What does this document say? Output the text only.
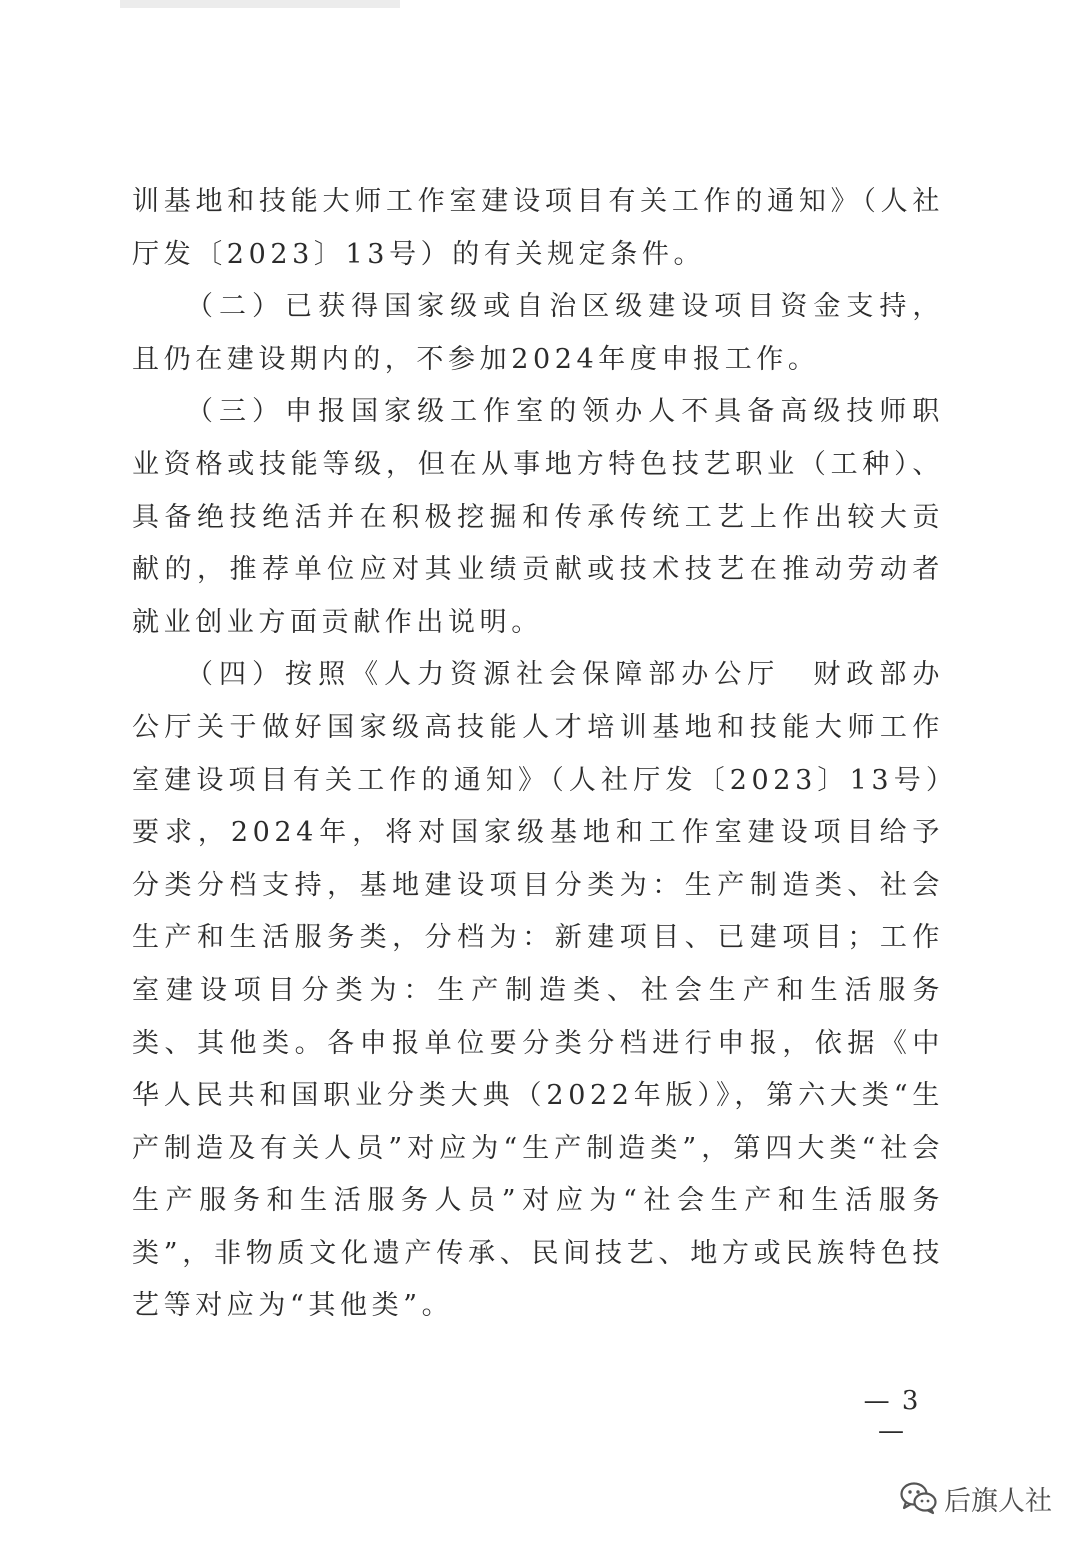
训基地和技能大师工作室建设项目有关工作的通知》（人社厅发〔2023〕13号）的有关规定条件。

（二）已获得国家级或自治区级建设项目资金支持，且仍在建设期内的，不参加2024年度申报工作。

（三）申报国家级工作室的领办人不具备高级技师职业资格或技能等级，但在从事地方特色技艺职业（工种）、具备绝技绝活并在积极挖掘和传承传统工艺上作出较大贡献的，推荐单位应对其业绩贡献或技术技艺在推动劳动者就业创业方面贡献作出说明。

（四）按照《人力资源社会保障部办公厅　财政部办公厅关于做好国家级高技能人才培训基地和技能大师工作室建设项目有关工作的通知》（人社厅发〔2023〕13号）要求，2024年，将对国家级基地和工作室建设项目给予分类分档支持，基地建设项目分类为：生产制造类、社会生产和生活服务类，分档为：新建项目、已建项目；工作室建设项目分类为：生产制造类、社会生产和生活服务类、其他类。各申报单位要分类分档进行申报，依据《中华人民共和国职业分类大典（2022年版）》，第六大类“生产制造及有关人员”对应为“生产制造类”，第四大类“社会生产服务和生活服务人员”对应为“社会生产和生活服务类”，非物质文化遗产传承、民间技艺、地方或民族特色技艺等对应为“其他类”。

— 3 —
后旗人社
